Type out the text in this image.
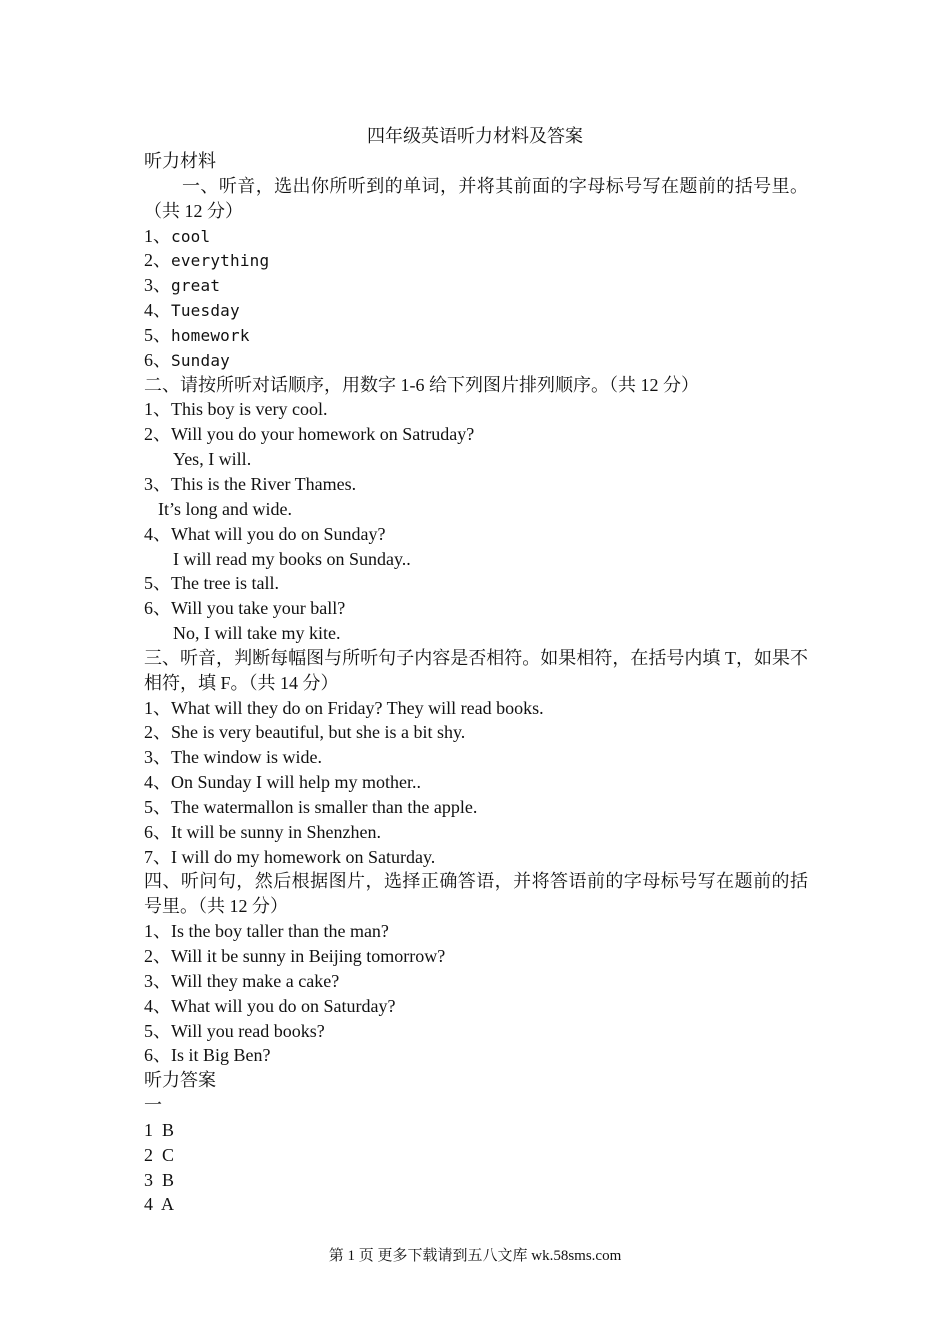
四年级英语听力材料及答案
听力材料
一、听音，选出你所听到的单词，并将其前面的字母标号写在题前的括号里。（共 12 分）
1、cool
2、everything
3、great
4、Tuesday
5、homework
6、Sunday
二、请按所听对话顺序，用数字 1-6 给下列图片排列顺序。（共 12 分）
1、This boy is very cool.
2、Will you do your homework on Satruday?
Yes, I will.
3、This is the River Thames.
It’s long and wide.
4、What will you do on Sunday?
I will read my books on Sunday..
5、The tree is tall.
6、Will you take your ball?
No, I will take my kite.
三、听音，判断每幅图与所听句子内容是否相符。如果相符，在括号内填 T，如果不相符，填 F。（共 14 分）
1、What will they do on Friday? They will read books.
2、She is very beautiful, but she is a bit shy.
3、The window is wide.
4、On Sunday I will help my mother..
5、The watermallon is smaller than the apple.
6、It will be sunny in Shenzhen.
7、I will do my homework on Saturday.
四、听问句，然后根据图片，选择正确答语，并将答语前的字母标号写在题前的括号里。（共 12 分）
1、Is the boy taller than the man?
2、Will it be sunny in Beijing tomorrow?
3、Will they make a cake?
4、What will you do on Saturday?
5、Will you read books?
6、Is it Big Ben?
听力答案
一
1  B
2  C
3  B
4  A
第 1 页 更多下载请到五八文库 wk.58sms.com
